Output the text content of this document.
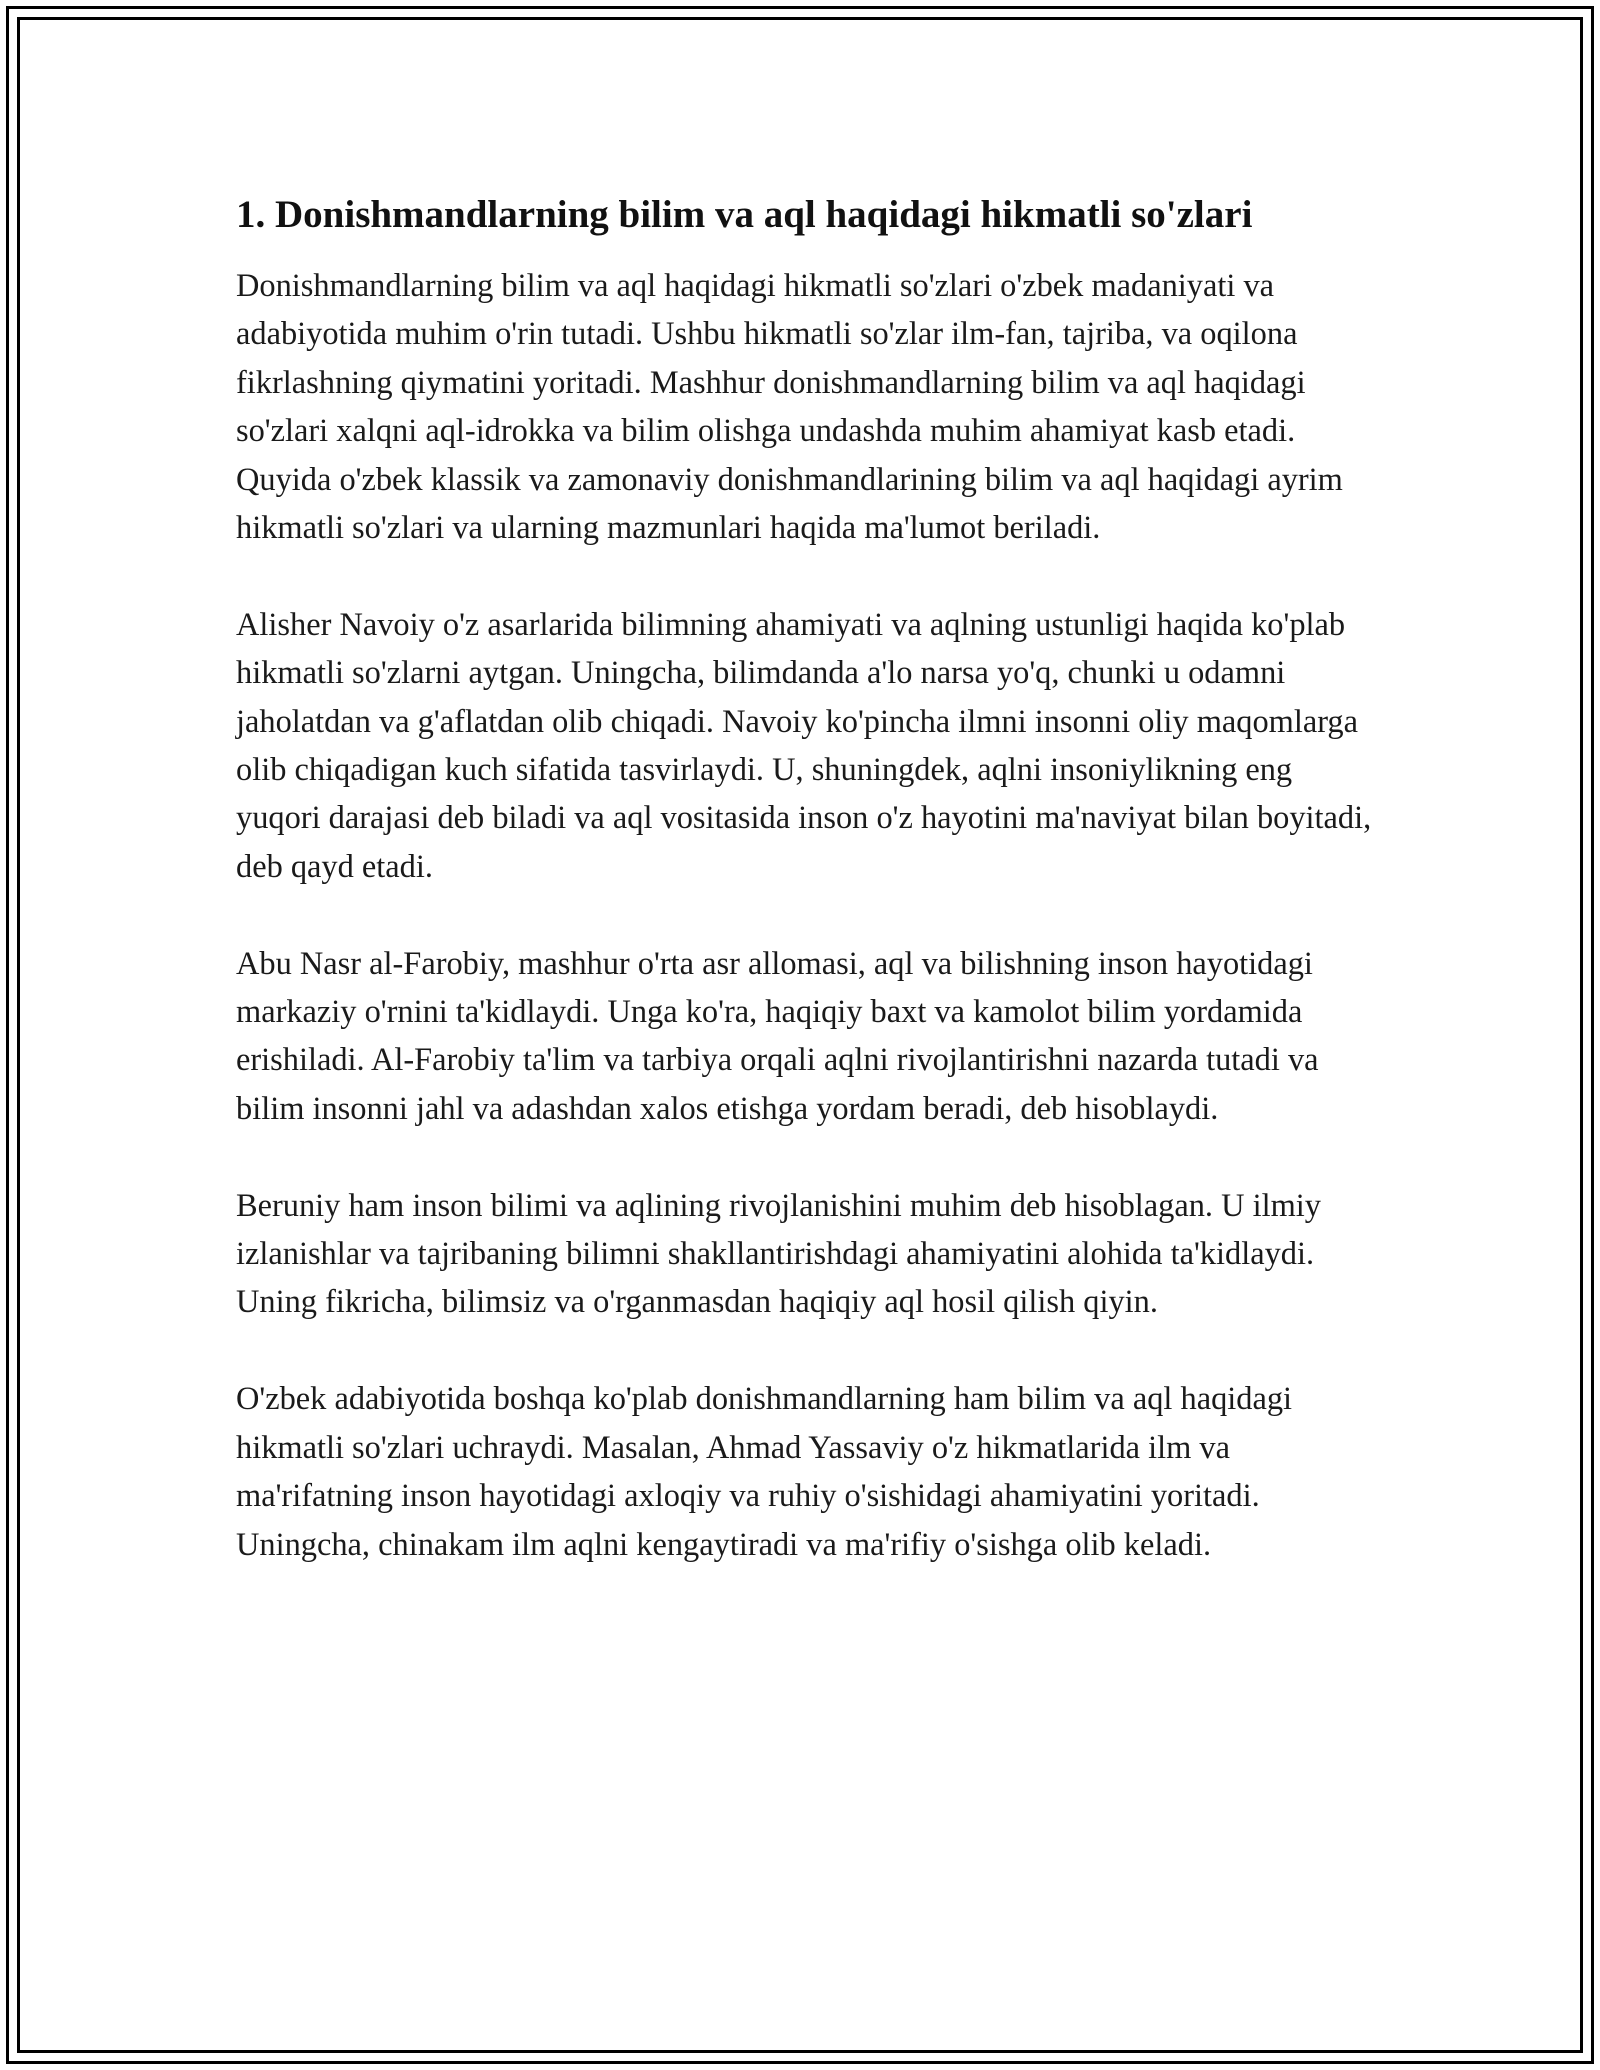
1. Donishmandlarning bilim va aql haqidagi hikmatli so'zlari

Donishmandlarning bilim va aql haqidagi hikmatli so'zlari o'zbek madaniyati va adabiyotida muhim o'rin tutadi. Ushbu hikmatli so'zlar ilm-fan, tajriba, va oqilona fikrlashning qiymatini yoritadi. Mashhur donishmandlarning bilim va aql haqidagi so'zlari xalqni aql-idrokka va bilim olishga undashda muhim ahamiyat kasb etadi. Quyida o'zbek klassik va zamonaviy donishmandlarining bilim va aql haqidagi ayrim hikmatli so'zlari va ularning mazmunlari haqida ma'lumot beriladi.

Alisher Navoiy o'z asarlarida bilimning ahamiyati va aqlning ustunligi haqida ko'plab hikmatli so'zlarni aytgan. Uningcha, bilimdanda a'lo narsa yo'q, chunki u odamni jaholatdan va g'aflatdan olib chiqadi. Navoiy ko'pincha ilmni insonni oliy maqomlarga olib chiqadigan kuch sifatida tasvirlaydi. U, shuningdek, aqlni insoniylikning eng yuqori darajasi deb biladi va aql vositasida inson o'z hayotini ma'naviyat bilan boyitadi, deb qayd etadi.

Abu Nasr al-Farobiy, mashhur o'rta asr allomasi, aql va bilishning inson hayotidagi markaziy o'rnini ta'kidlaydi. Unga ko'ra, haqiqiy baxt va kamolot bilim yordamida erishiladi. Al-Farobiy ta'lim va tarbiya orqali aqlni rivojlantirishni nazarda tutadi va bilim insonni jahl va adashdan xalos etishga yordam beradi, deb hisoblaydi.

Beruniy ham inson bilimi va aqlining rivojlanishini muhim deb hisoblagan. U ilmiy izlanishlar va tajribaning bilimni shakllantirishdagi ahamiyatini alohida ta'kidlaydi. Uning fikricha, bilimsiz va o'rganmasdan haqiqiy aql hosil qilish qiyin.

O'zbek adabiyotida boshqa ko'plab donishmandlarning ham bilim va aql haqidagi hikmatli so'zlari uchraydi. Masalan, Ahmad Yassaviy o'z hikmatlarida ilm va ma'rifatning inson hayotidagi axloqiy va ruhiy o'sishidagi ahamiyatini yoritadi. Uningcha, chinakam ilm aqlni kengaytiradi va ma'rifiy o'sishga olib keladi.
